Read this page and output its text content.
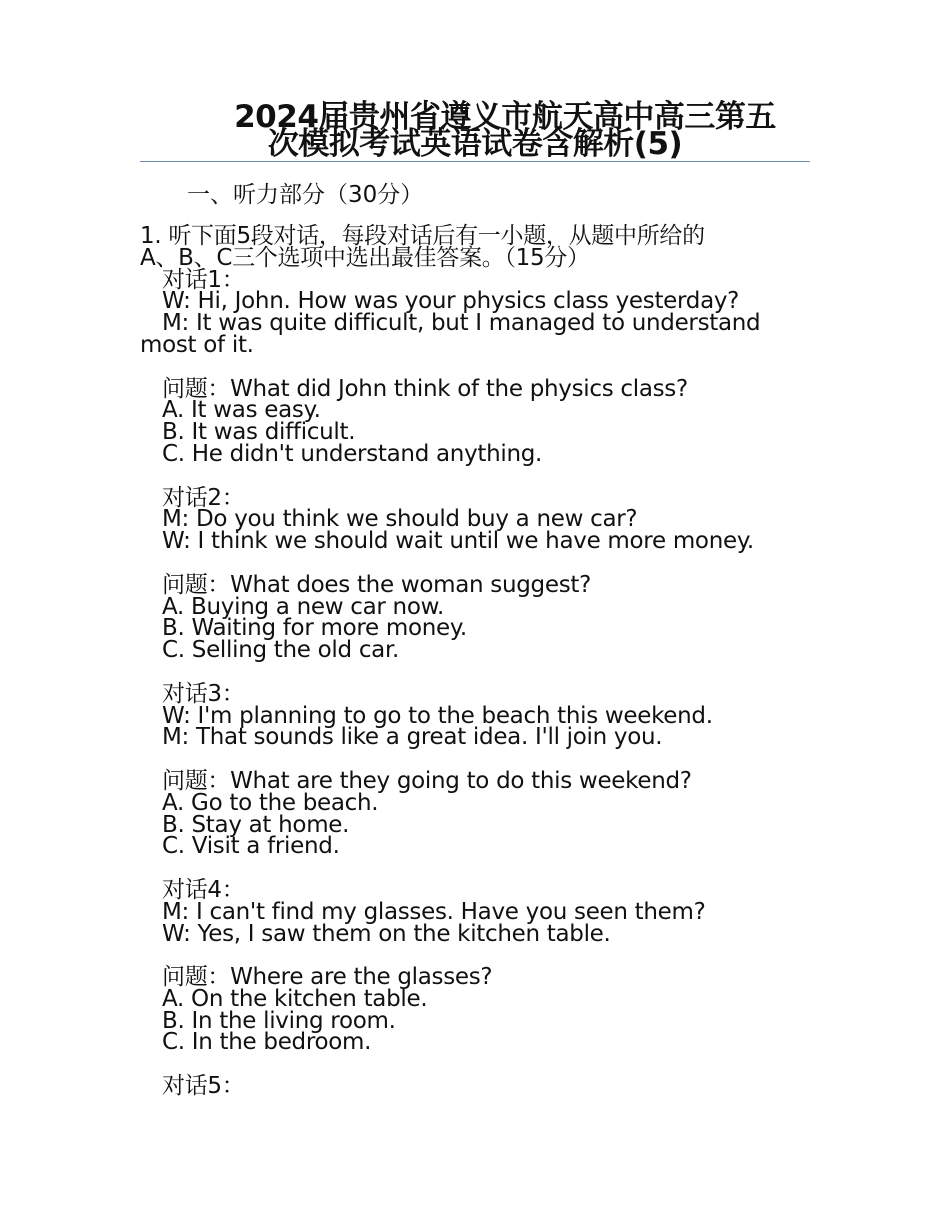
2024届贵州省遵义市航天高中高三第五
次模拟考试英语试卷含解析(5)
一、听力部分（30分）
1. 听下面5段对话，每段对话后有一小题，从题中所给的
A、B、C三个选项中选出最佳答案。（15分）
对话1：
W: Hi, John. How was your physics class yesterday?
M: It was quite difficult, but I managed to understand
most of it.
问题：What did John think of the physics class?
A. It was easy.
B. It was difficult.
C. He didn't understand anything.
对话2：
M: Do you think we should buy a new car?
W: I think we should wait until we have more money.
问题：What does the woman suggest?
A. Buying a new car now.
B. Waiting for more money.
C. Selling the old car.
对话3：
W: I'm planning to go to the beach this weekend.
M: That sounds like a great idea. I'll join you.
问题：What are they going to do this weekend?
A. Go to the beach.
B. Stay at home.
C. Visit a friend.
对话4：
M: I can't find my glasses. Have you seen them?
W: Yes, I saw them on the kitchen table.
问题：Where are the glasses?
A. On the kitchen table.
B. In the living room.
C. In the bedroom.
对话5：
